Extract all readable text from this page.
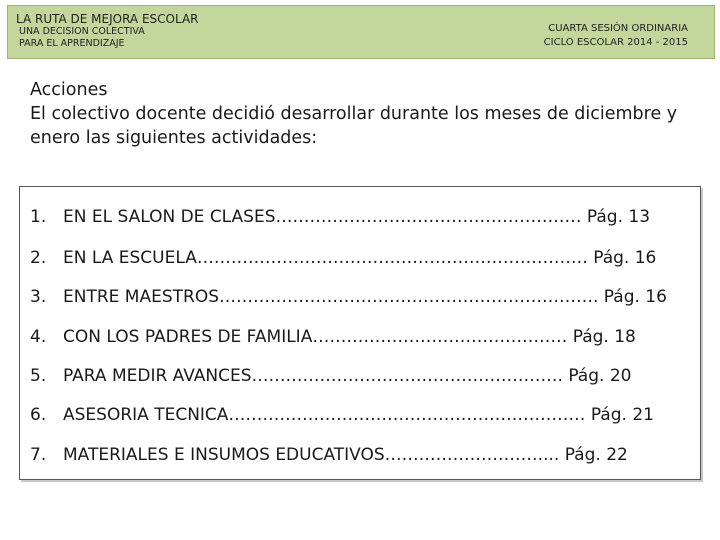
LA RUTA DE MEJORA ESCOLAR
UNA DECISION COLECTIVA
PARA EL APRENDIZAJE
CUARTA SESIÓN ORDINARIA
CICLO ESCOLAR 2014 - 2015
Acciones
El colectivo docente decidió desarrollar durante los meses de diciembre y enero las siguientes actividades:
1. EN EL SALON DE CLASES……………………………………………… Pág. 13
2. EN LA ESCUELA…………………………………………………………… Pág. 16
3. ENTRE MAESTROS…………………………………………………………. Pág. 16
4. CON LOS PADRES DE FAMILIA……………………………………… Pág. 18
5. PARA MEDIR AVANCES………………………………………………. Pág. 20
6. ASESORIA TECNICA……………………………………………………… Pág. 21
7. MATERIALES E INSUMOS EDUCATIVOS……………………….... Pág. 22
